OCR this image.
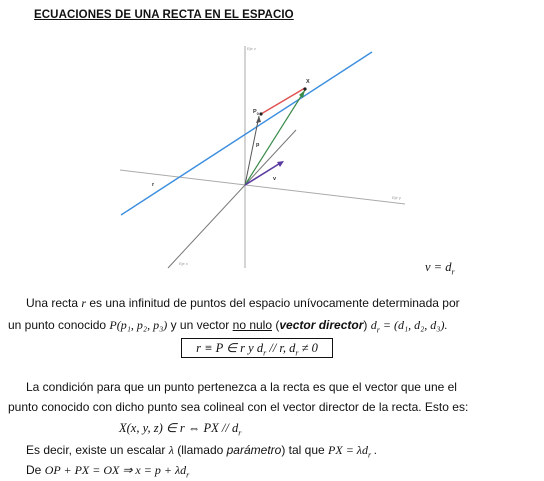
ECUACIONES DE UNA RECTA EN EL ESPACIO
Eje z
Eje y
Eje x
X
$P_0$
p
v
r
$v = d_r$
Una recta r es una infinitud de puntos del espacio unívocamente determinada por
un punto conocido P(p₁, p₂, p₃) y un vector no nulo (vector director) $d_r = (d_1$, d₂, d₃).
r ≡ P ∈ r y $d_r$ // r, $d_r \ne 0$
La condición para que un punto pertenezca a la recta es que el vector que une el
punto conocido con dicho punto sea colineal con el vector director de la recta. Esto es:
X(x, y, z) ∈ r ⇔ PX // $d_r$
Es decir, existe un escalar λ (llamado parámetro) tal que PX = $\lambda d_r$ .
De OP + PX = OX ⇒ $x = p + \lambda d_r$
